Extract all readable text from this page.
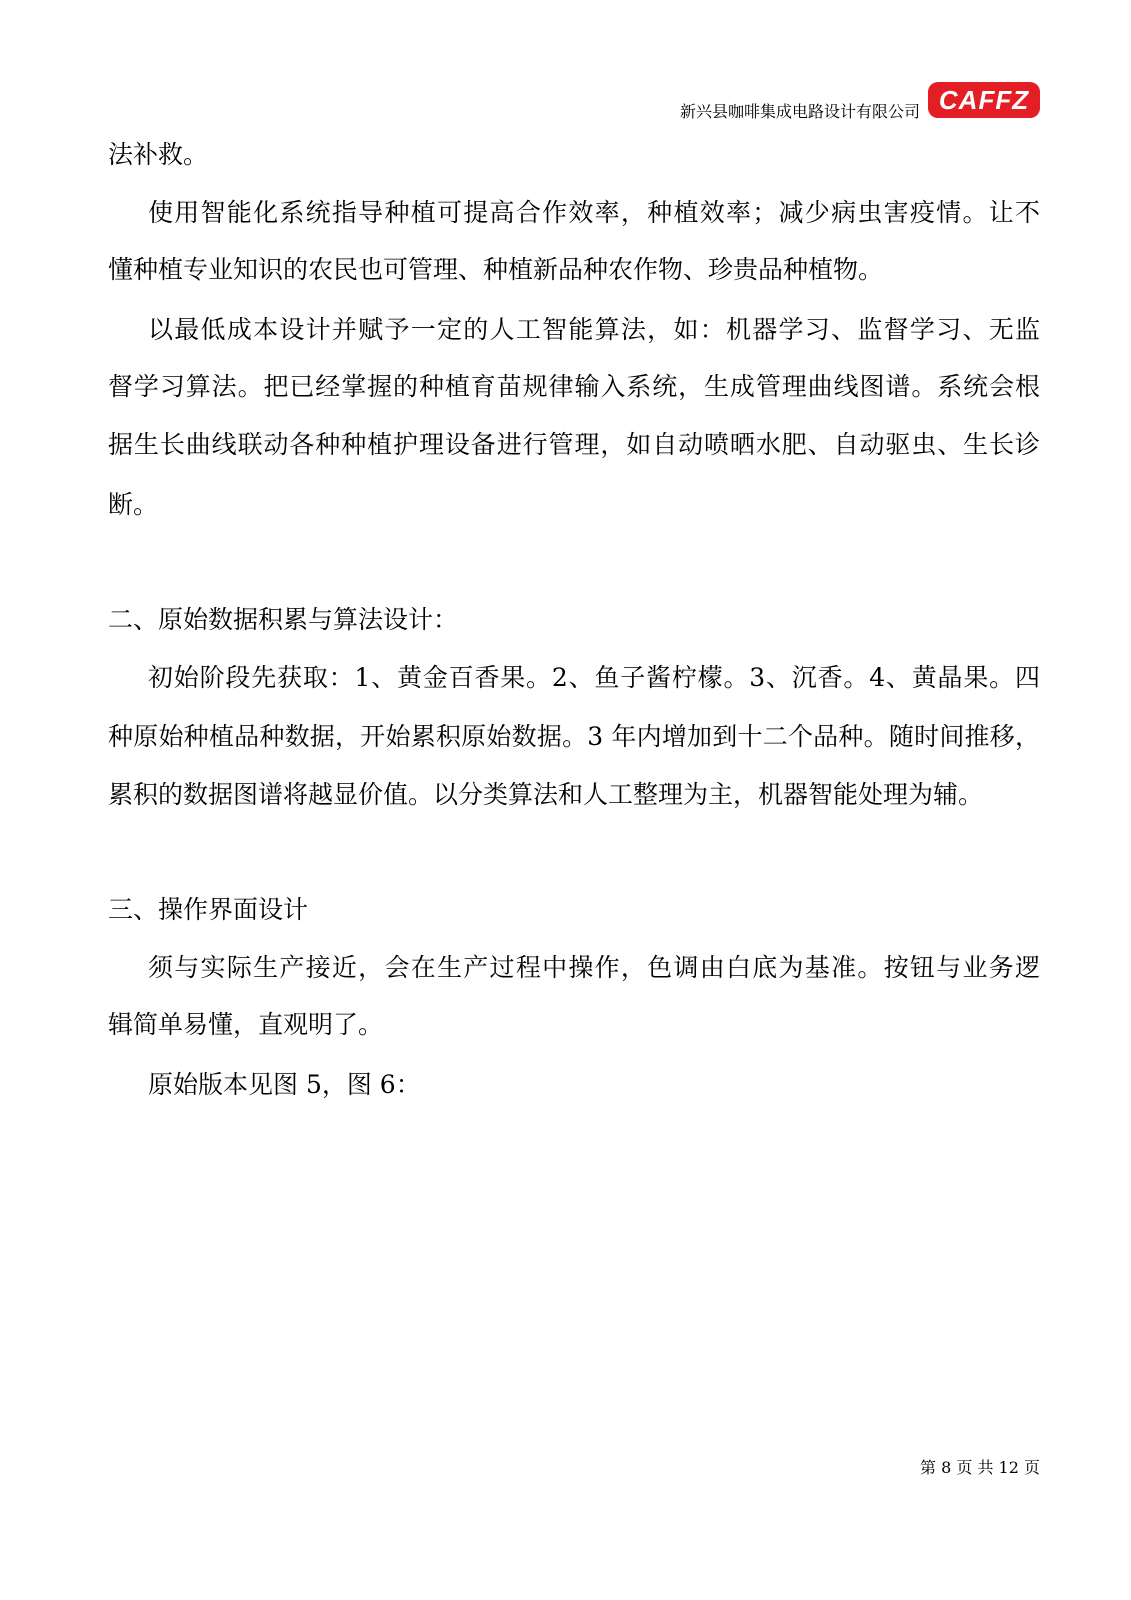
新兴县咖啡集成电路设计有限公司 CAFFZ
法补救。
使用智能化系统指导种植可提高合作效率，种植效率；减少病虫害疫情。让不
懂种植专业知识的农民也可管理、种植新品种农作物、珍贵品种植物。
以最低成本设计并赋予一定的人工智能算法，如：机器学习、监督学习、无监
督学习算法。把已经掌握的种植育苗规律输入系统，生成管理曲线图谱。系统会根
据生长曲线联动各种种植护理设备进行管理，如自动喷晒水肥、自动驱虫、生长诊
断。
二、原始数据积累与算法设计：
初始阶段先获取：1、黄金百香果。2、鱼子酱柠檬。3、沉香。4、黄晶果。四
种原始种植品种数据，开始累积原始数据。3 年内增加到十二个品种。随时间推移，
累积的数据图谱将越显价值。以分类算法和人工整理为主，机器智能处理为辅。
三、操作界面设计
须与实际生产接近，会在生产过程中操作，色调由白底为基准。按钮与业务逻
辑简单易懂，直观明了。
原始版本见图 5，图 6：
第 8 页 共 12 页
